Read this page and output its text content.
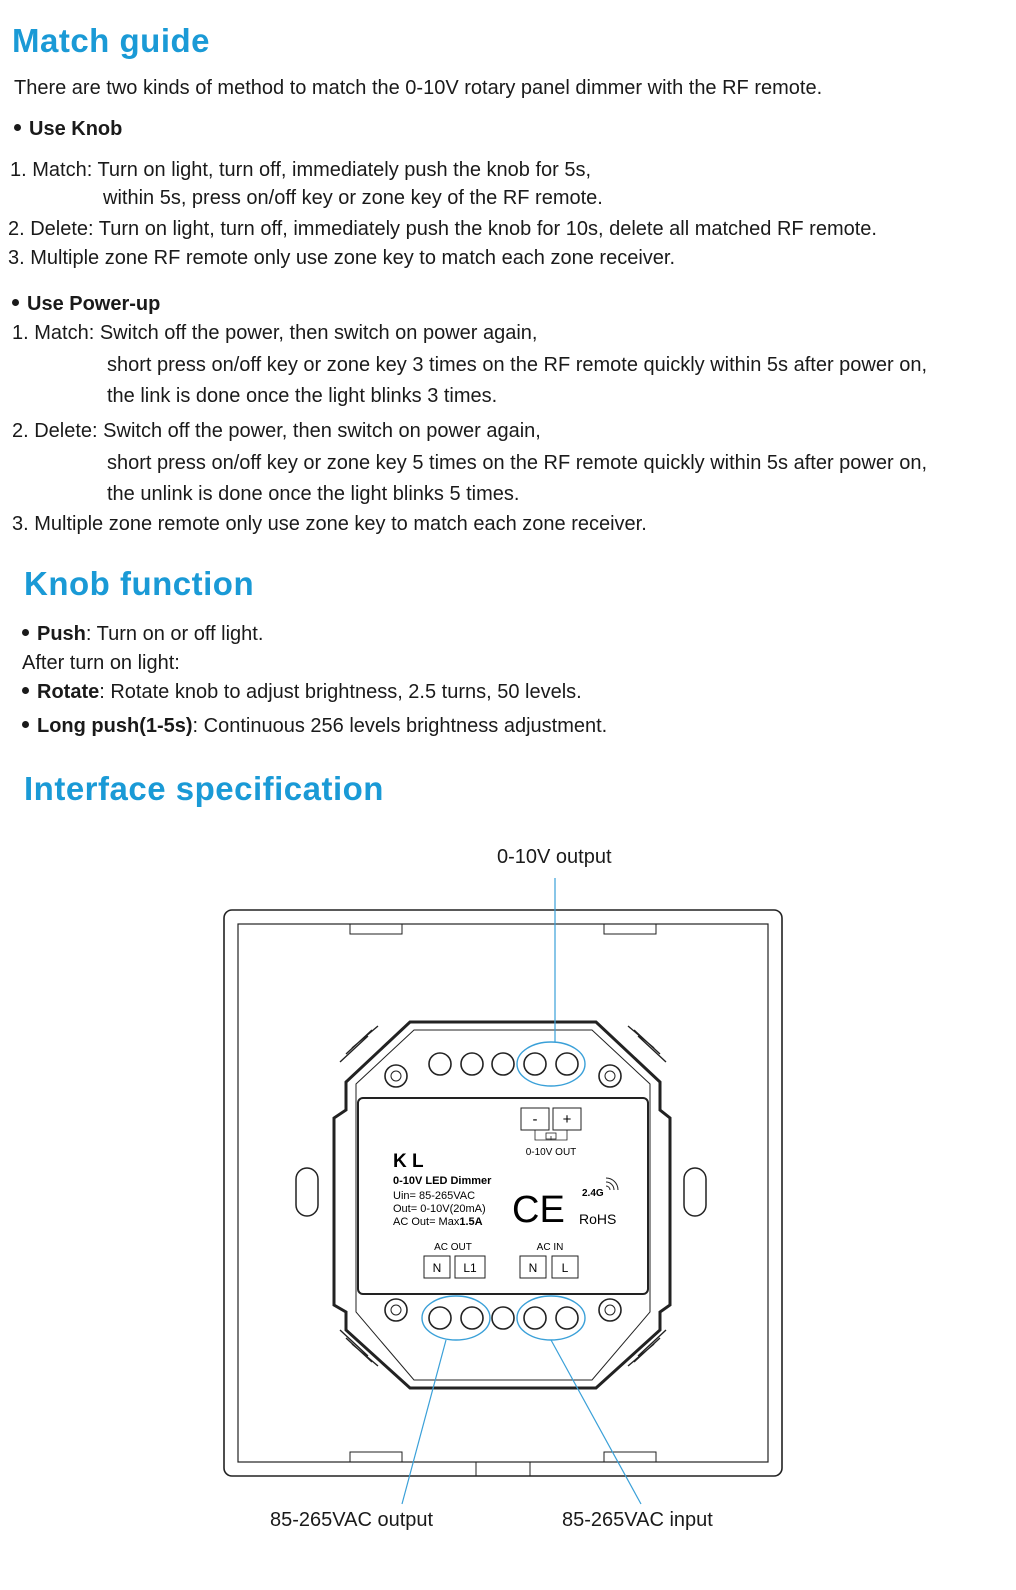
Match guide
There are two kinds of method to match the 0-10V rotary panel dimmer with the RF remote.
Use Knob
1. Match: Turn on light, turn off, immediately push the knob for 5s,
within 5s, press on/off key or zone key of the RF remote.
2. Delete: Turn on light, turn off, immediately push the knob for 10s, delete all matched RF remote.
3. Multiple zone RF remote only use zone key to match each zone receiver.
Use Power-up
1. Match: Switch off the power, then switch on power again,
short press on/off key or zone key 3 times on the RF remote quickly within 5s after power on,
the link is done once the light blinks 3 times.
2. Delete: Switch off the power, then switch on power again,
short press on/off key or zone key 5 times on the RF remote quickly within 5s after power on,
the unlink is done once the light blinks 5 times.
3. Multiple zone remote only use zone key to match each zone receiver.
Knob function
Push: Turn on or off light.
After turn on light:
Rotate: Rotate knob to adjust brightness, 2.5 turns, 50 levels.
Long push(1-5s): Continuous 256 levels brightness adjustment.
Interface specification
0-10V output
85-265VAC output	85-265VAC input
- +
0-10V OUT
K L
0-10V LED Dimmer
Uin= 85-265VAC
Out= 0-10V(20mA)
AC Out= Max1.5A CE 2.4G
RoHS
AC OUT	AC IN
N L1	N L
